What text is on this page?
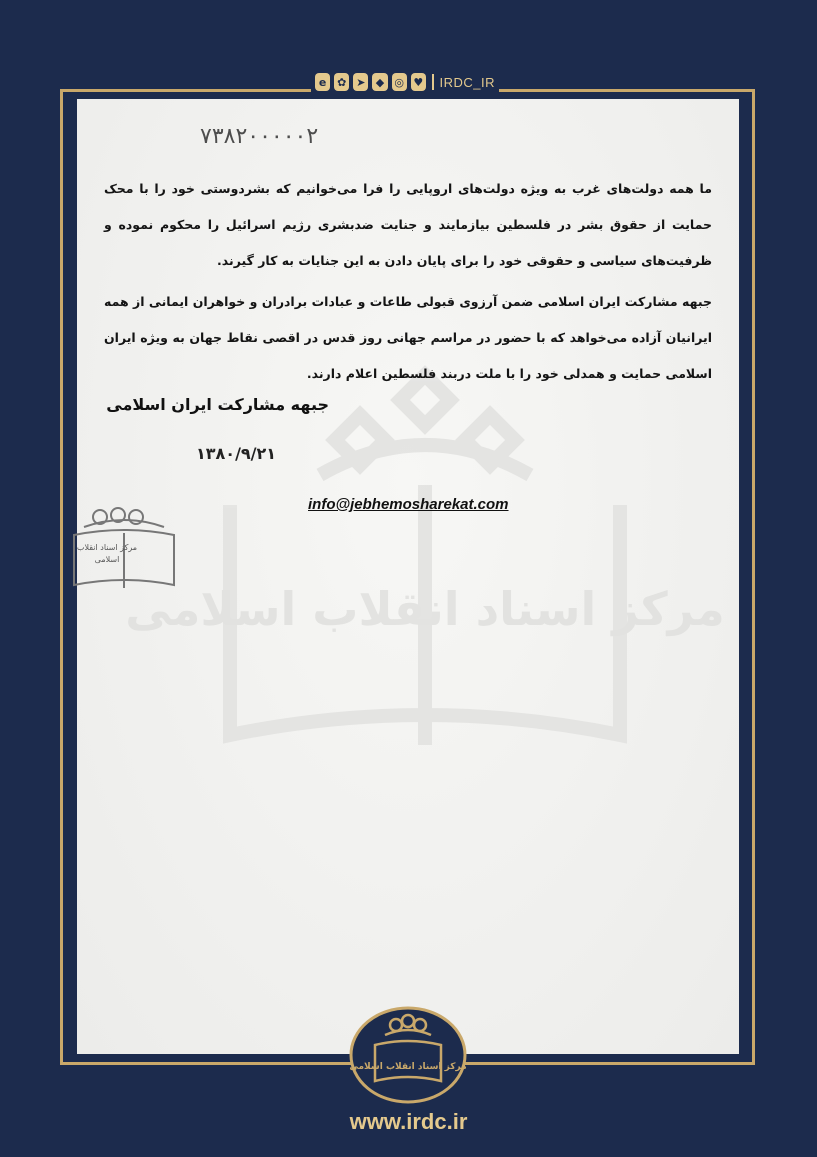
e ✿ ➤ ◆ ◎ ♥ IRDC_IR
مرکز اسناد انقلاب اسلامی
۷۳۸۲۰۰۰۰۰۲

ما همه دولت‌های غرب به ویژه دولت‌های اروپایی را فرا می‌خوانیم که بشردوستی خود را با محک حمایت از حقوق بشر در فلسطین بیازمایند و جنایت ضدبشری رژیم اسرائیل را محکوم نموده و ظرفیت‌های سیاسی و حقوقی خود را برای پایان دادن به این جنایات به کار گیرند.

جبهه مشارکت ایران اسلامی ضمن آرزوی قبولی طاعات و عبادات برادران و خواهران ایمانی از همه ایرانیان آزاده می‌خواهد که با حضور در مراسم جهانی روز قدس در اقصی نقاط جهان به ویژه ایران اسلامی حمایت و همدلی خود را با ملت دربند فلسطین اعلام دارند.

جبهه مشارکت ایران اسلامی
۱۳۸۰/۹/۲۱
info@jebhemosharekat.com
مرکز اسناد انقلاب اسلامی
مرکز اسناد انقلاب اسلامی
www.irdc.ir
